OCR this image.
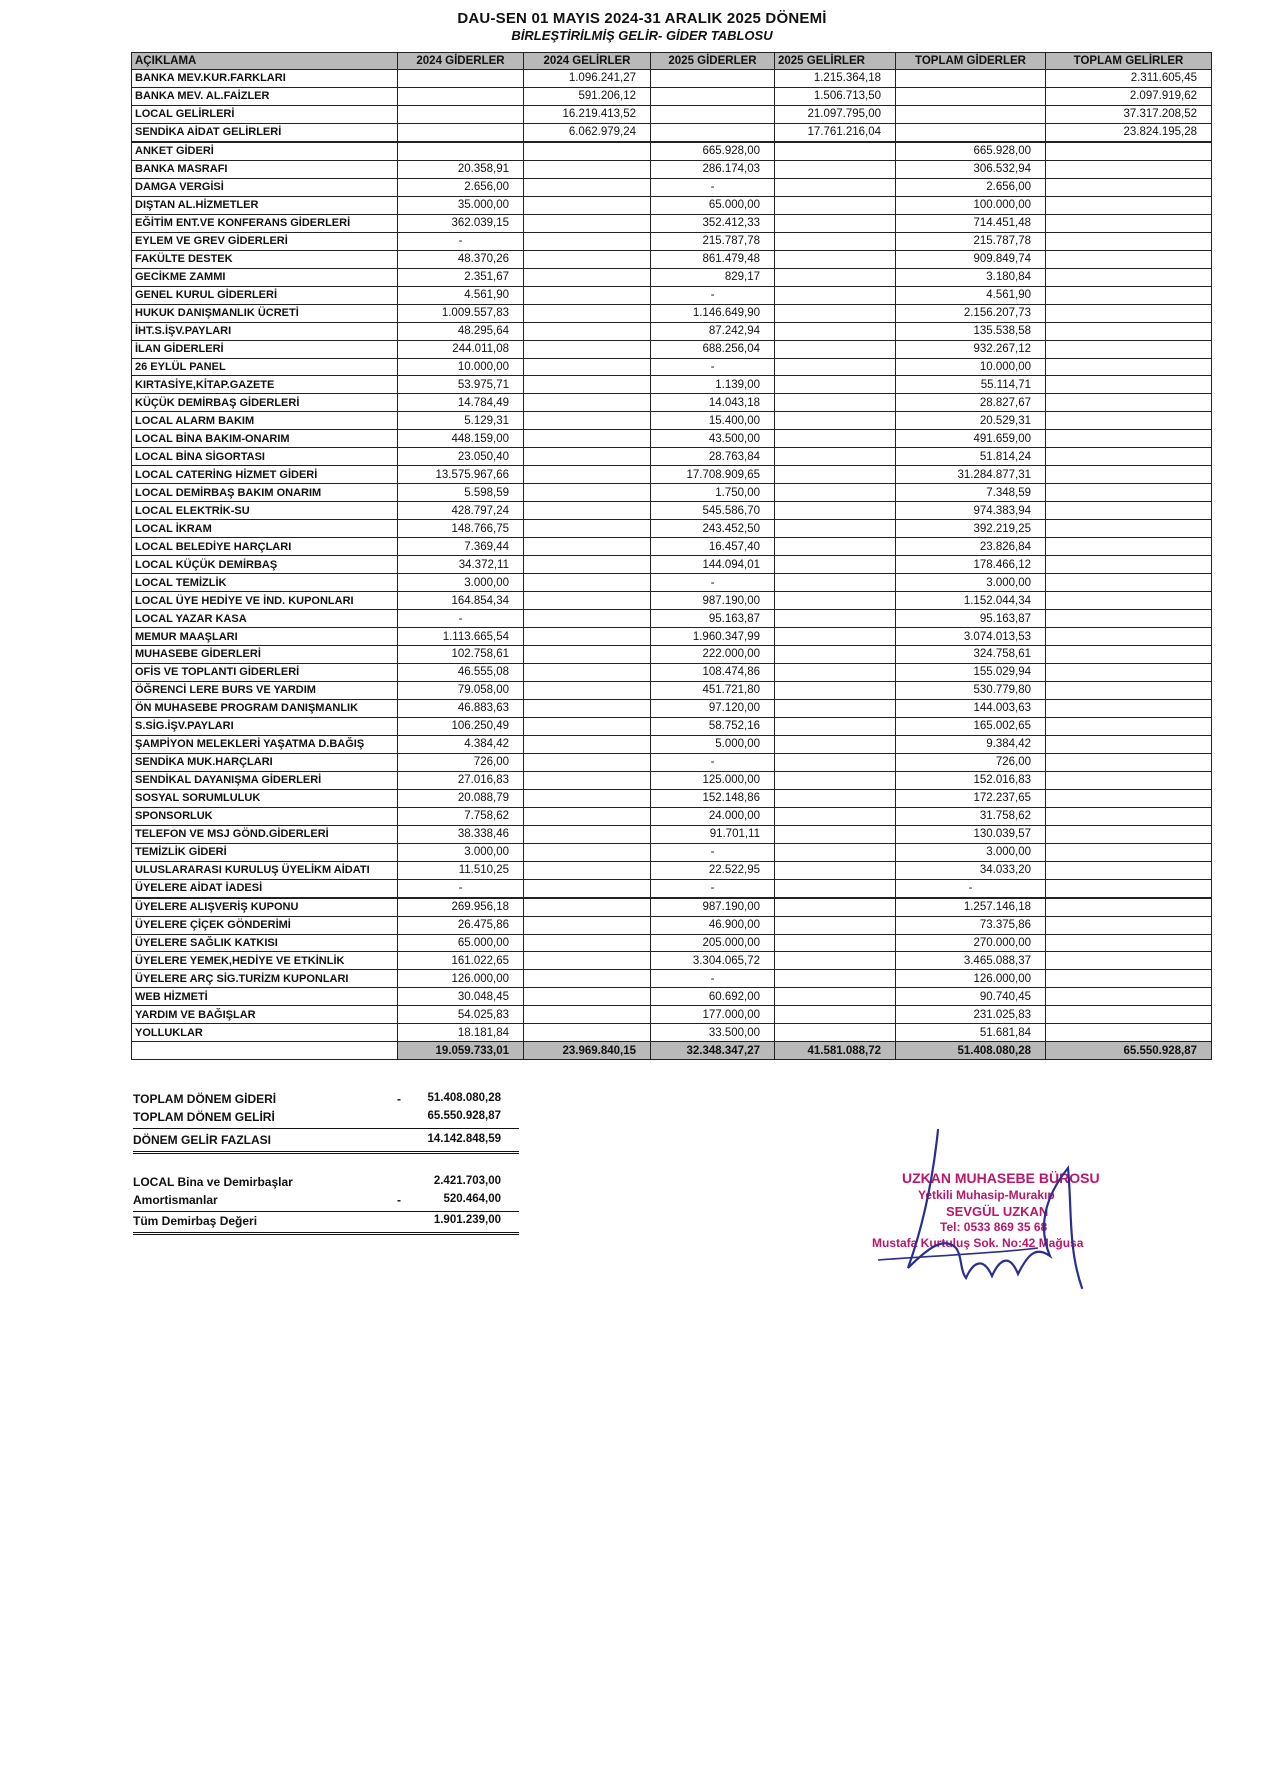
DAU-SEN 01 MAYIS 2024-31 ARALIK 2025 DÖNEMİ
BİRLEŞTİRİLMİŞ GELİR- GİDER TABLOSU
AÇIKLAMA	2024 GİDERLER	2024 GELİRLER	2025 GİDERLER	2025 GELİRLER	TOPLAM GİDERLER	TOPLAM GELİRLER
BANKA MEV.KUR.FARKLARI		1.096.241,27		1.215.364,18		2.311.605,45
BANKA MEV. AL.FAİZLER		591.206,12		1.506.713,50		2.097.919,62
LOCAL GELİRLERİ		16.219.413,52		21.097.795,00		37.317.208,52
SENDİKA AİDAT GELİRLERİ		6.062.979,24		17.761.216,04		23.824.195,28
ANKET GİDERİ			665.928,00		665.928,00	
BANKA MASRAFI	20.358,91		286.174,03		306.532,94	
DAMGA VERGİSİ	2.656,00		-		2.656,00	
DIŞTAN AL.HİZMETLER	35.000,00		65.000,00		100.000,00	
EĞİTİM ENT.VE KONFERANS GİDERLERİ	362.039,15		352.412,33		714.451,48	
EYLEM VE GREV GİDERLERİ	-		215.787,78		215.787,78	
FAKÜLTE DESTEK	48.370,26		861.479,48		909.849,74	
GECİKME ZAMMI	2.351,67		829,17		3.180,84	
GENEL KURUL GİDERLERİ	4.561,90		-		4.561,90	
HUKUK DANIŞMANLIK ÜCRETİ	1.009.557,83		1.146.649,90		2.156.207,73	
İHT.S.İŞV.PAYLARI	48.295,64		87.242,94		135.538,58	
İLAN GİDERLERİ	244.011,08		688.256,04		932.267,12	
26 EYLÜL PANEL	10.000,00		-		10.000,00	
KIRTASİYE,KİTAP.GAZETE	53.975,71		1.139,00		55.114,71	
KÜÇÜK DEMİRBAŞ GİDERLERİ	14.784,49		14.043,18		28.827,67	
LOCAL ALARM BAKIM	5.129,31		15.400,00		20.529,31	
LOCAL BİNA BAKIM-ONARIM	448.159,00		43.500,00		491.659,00	
LOCAL BİNA SİGORTASI	23.050,40		28.763,84		51.814,24	
LOCAL CATERİNG HİZMET GİDERİ	13.575.967,66		17.708.909,65		31.284.877,31	
LOCAL DEMİRBAŞ BAKIM ONARIM	5.598,59		1.750,00		7.348,59	
LOCAL ELEKTRİK-SU	428.797,24		545.586,70		974.383,94	
LOCAL İKRAM	148.766,75		243.452,50		392.219,25	
LOCAL BELEDİYE HARÇLARI	7.369,44		16.457,40		23.826,84	
LOCAL KÜÇÜK DEMİRBAŞ	34.372,11		144.094,01		178.466,12	
LOCAL TEMİZLİK	3.000,00		-		3.000,00	
LOCAL ÜYE HEDİYE VE İND. KUPONLARI	164.854,34		987.190,00		1.152.044,34	
LOCAL YAZAR KASA	-		95.163,87		95.163,87	
MEMUR MAAŞLARI	1.113.665,54		1.960.347,99		3.074.013,53	
MUHASEBE GİDERLERİ	102.758,61		222.000,00		324.758,61	
OFİS VE TOPLANTI GİDERLERİ	46.555,08		108.474,86		155.029,94	
ÖĞRENCİ LERE BURS VE YARDIM	79.058,00		451.721,80		530.779,80	
ÖN MUHASEBE PROGRAM DANIŞMANLIK	46.883,63		97.120,00		144.003,63	
S.SİG.İŞV.PAYLARI	106.250,49		58.752,16		165.002,65	
ŞAMPİYON MELEKLERİ YAŞATMA D.BAĞIŞ	4.384,42		5.000,00		9.384,42	
SENDİKA MUK.HARÇLARI	726,00		-		726,00	
SENDİKAL DAYANIŞMA GİDERLERİ	27.016,83		125.000,00		152.016,83	
SOSYAL SORUMLULUK	20.088,79		152.148,86		172.237,65	
SPONSORLUK	7.758,62		24.000,00		31.758,62	
TELEFON VE MSJ GÖND.GİDERLERİ	38.338,46		91.701,11		130.039,57	
TEMİZLİK GİDERİ	3.000,00		-		3.000,00	
ULUSLARARASI KURULUŞ ÜYELİKM AİDATI	11.510,25		22.522,95		34.033,20	
ÜYELERE AİDAT İADESİ	-		-		-	
ÜYELERE ALIŞVERİŞ KUPONU	269.956,18		987.190,00		1.257.146,18	
ÜYELERE ÇİÇEK GÖNDERİMİ	26.475,86		46.900,00		73.375,86	
ÜYELERE SAĞLIK KATKISI	65.000,00		205.000,00		270.000,00	
ÜYELERE YEMEK,HEDİYE VE ETKİNLİK	161.022,65		3.304.065,72		3.465.088,37	
ÜYELERE ARÇ SİG.TURİZM KUPONLARI	126.000,00		-		126.000,00	
WEB HİZMETİ	30.048,45		60.692,00		90.740,45	
YARDIM VE BAĞIŞLAR	54.025,83		177.000,00		231.025,83	
YOLLUKLAR	18.181,84		33.500,00		51.681,84	
	19.059.733,01	23.969.840,15	32.348.347,27	41.581.088,72	51.408.080,28	65.550.928,87
TOPLAM DÖNEM GİDERİ	- 51.408.080,28
TOPLAM DÖNEM GELİRİ	65.550.928,87
DÖNEM GELİR FAZLASI	14.142.848,59
LOCAL Bina ve Demirbaşlar	2.421.703,00
Amortismanlar	-	520.464,00
Tüm Demirbaş Değeri	1.901.239,00
UZKAN MUHASEBE BÜROSU
Yetkili Muhasip-Murakıp
SEVGÜL UZKAN
Tel: 0533 869 35 68
Mustafa Kurtuluş Sok. No:42 Mağusa
